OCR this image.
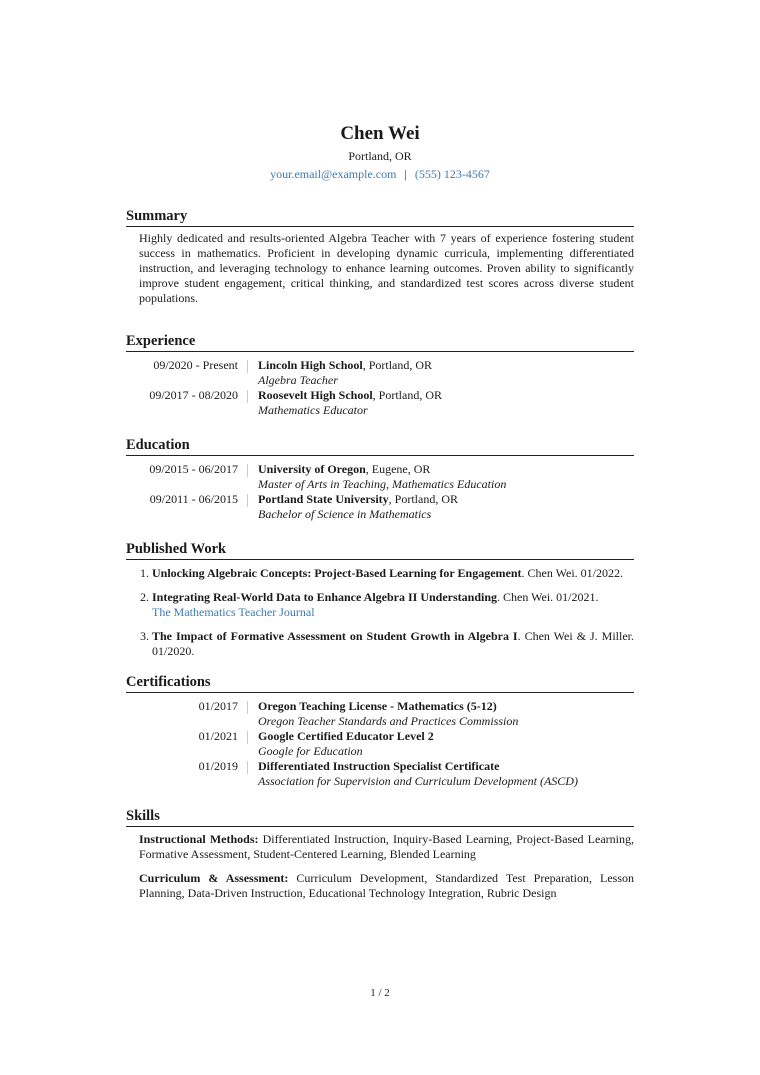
Chen Wei
Portland, OR
your.email@example.com | (555) 123-4567
Summary
Highly dedicated and results-oriented Algebra Teacher with 7 years of experience fostering student success in mathematics. Proficient in developing dynamic curricula, implementing differentiated instruction, and leveraging technology to enhance learning outcomes. Proven ability to significantly improve student engagement, critical thinking, and standardized test scores across diverse student populations.
Experience
09/2020 - Present Lincoln High School, Portland, OR
Algebra Teacher
09/2017 - 08/2020 Roosevelt High School, Portland, OR
Mathematics Educator
Education
09/2015 - 06/2017 University of Oregon, Eugene, OR
Master of Arts in Teaching, Mathematics Education
09/2011 - 06/2015 Portland State University, Portland, OR
Bachelor of Science in Mathematics
Published Work
1. Unlocking Algebraic Concepts: Project-Based Learning for Engagement. Chen Wei. 01/2022.
2. Integrating Real-World Data to Enhance Algebra II Understanding. Chen Wei. 01/2021.
The Mathematics Teacher Journal
3. The Impact of Formative Assessment on Student Growth in Algebra I. Chen Wei & J. Miller. 01/2020.
Certifications
01/2017 Oregon Teaching License - Mathematics (5-12)
Oregon Teacher Standards and Practices Commission
01/2021 Google Certified Educator Level 2
Google for Education
01/2019 Differentiated Instruction Specialist Certificate
Association for Supervision and Curriculum Development (ASCD)
Skills
Instructional Methods: Differentiated Instruction, Inquiry-Based Learning, Project-Based Learning, Formative Assessment, Student-Centered Learning, Blended Learning
Curriculum & Assessment: Curriculum Development, Standardized Test Preparation, Lesson Planning, Data-Driven Instruction, Educational Technology Integration, Rubric Design
1 / 2
